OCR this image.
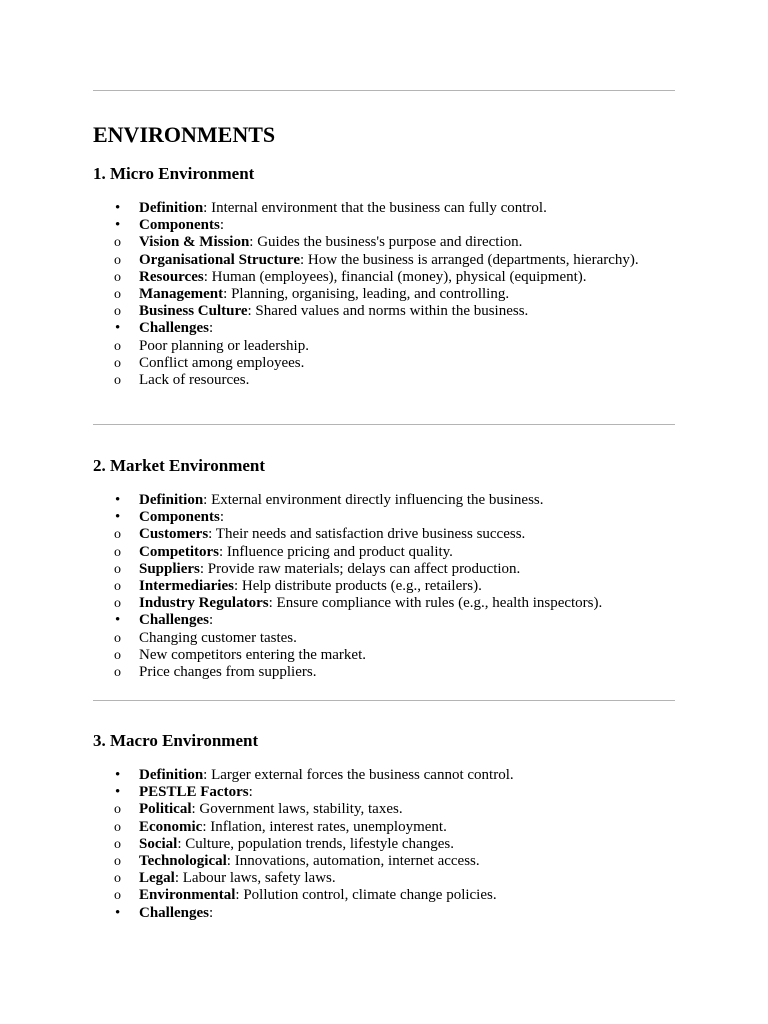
ENVIRONMENTS
1. Micro Environment
• Definition: Internal environment that the business can fully control.
• Components:
o Vision & Mission: Guides the business's purpose and direction.
o Organisational Structure: How the business is arranged (departments, hierarchy).
o Resources: Human (employees), financial (money), physical (equipment).
o Management: Planning, organising, leading, and controlling.
o Business Culture: Shared values and norms within the business.
• Challenges:
o Poor planning or leadership.
o Conflict among employees.
o Lack of resources.
2. Market Environment
• Definition: External environment directly influencing the business.
• Components:
o Customers: Their needs and satisfaction drive business success.
o Competitors: Influence pricing and product quality.
o Suppliers: Provide raw materials; delays can affect production.
o Intermediaries: Help distribute products (e.g., retailers).
o Industry Regulators: Ensure compliance with rules (e.g., health inspectors).
• Challenges:
o Changing customer tastes.
o New competitors entering the market.
o Price changes from suppliers.
3. Macro Environment
• Definition: Larger external forces the business cannot control.
• PESTLE Factors:
o Political: Government laws, stability, taxes.
o Economic: Inflation, interest rates, unemployment.
o Social: Culture, population trends, lifestyle changes.
o Technological: Innovations, automation, internet access.
o Legal: Labour laws, safety laws.
o Environmental: Pollution control, climate change policies.
• Challenges:
